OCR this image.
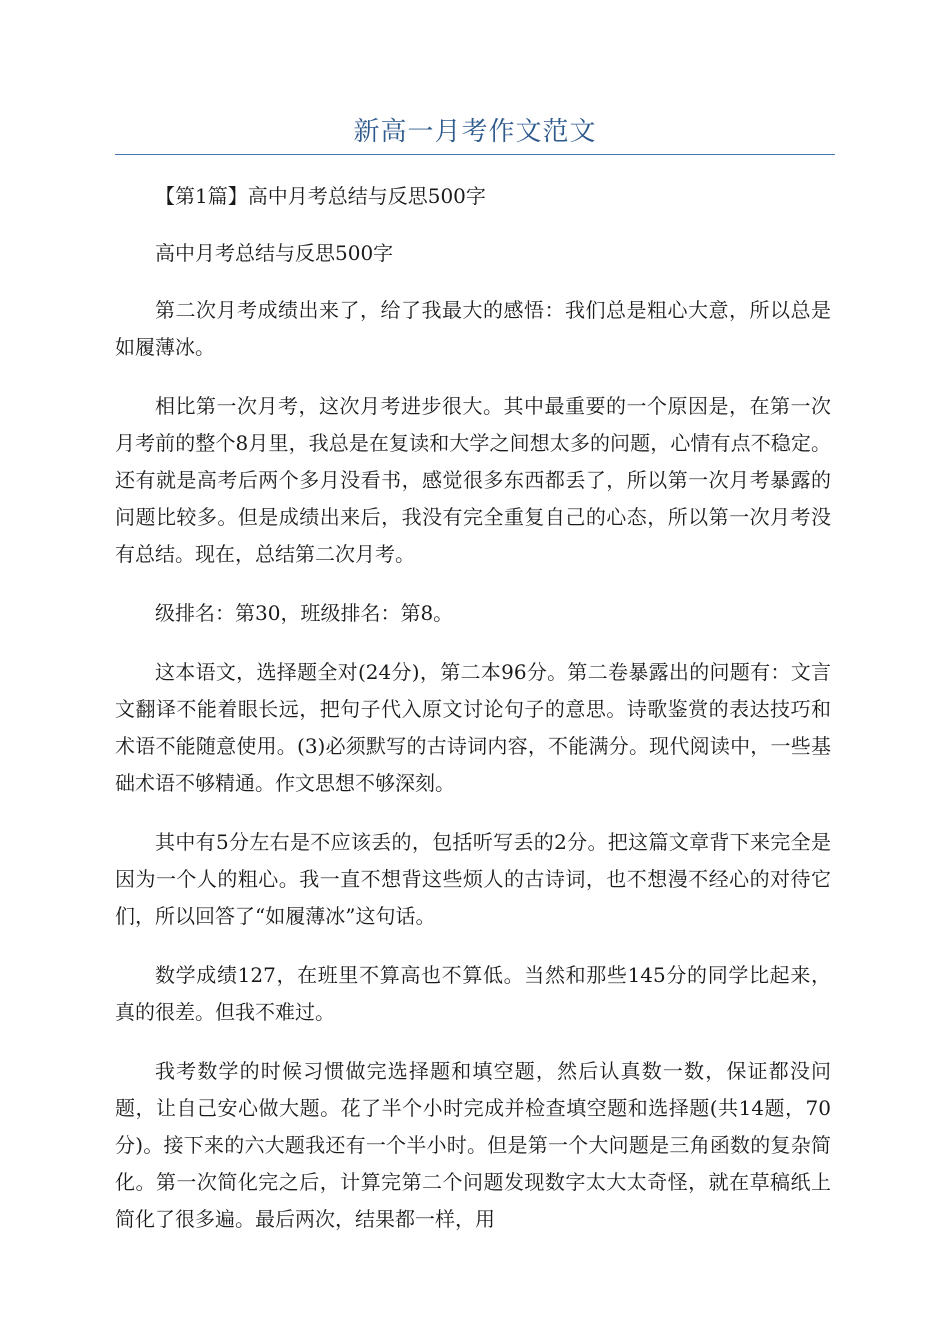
新高一月考作文范文

【第1篇】高中月考总结与反思500字

高中月考总结与反思500字

第二次月考成绩出来了，给了我最大的感悟：我们总是粗心大意，所以总是如履薄冰。

相比第一次月考，这次月考进步很大。其中最重要的一个原因是，在第一次月考前的整个8月里，我总是在复读和大学之间想太多的问题，心情有点不稳定。还有就是高考后两个多月没看书，感觉很多东西都丢了，所以第一次月考暴露的问题比较多。但是成绩出来后，我没有完全重复自己的心态，所以第一次月考没有总结。现在，总结第二次月考。

级排名：第30，班级排名：第8。

这本语文，选择题全对(24分)，第二本96分。第二卷暴露出的问题有：文言文翻译不能着眼长远，把句子代入原文讨论句子的意思。诗歌鉴赏的表达技巧和术语不能随意使用。(3)必须默写的古诗词内容，不能满分。现代阅读中，一些基础术语不够精通。作文思想不够深刻。

其中有5分左右是不应该丢的，包括听写丢的2分。把这篇文章背下来完全是因为一个人的粗心。我一直不想背这些烦人的古诗词，也不想漫不经心的对待它们，所以回答了“如履薄冰”这句话。

数学成绩127，在班里不算高也不算低。当然和那些145分的同学比起来，真的很差。但我不难过。

我考数学的时候习惯做完选择题和填空题，然后认真数一数，保证都没问题，让自己安心做大题。花了半个小时完成并检查填空题和选择题(共14题，70分)。接下来的六大题我还有一个半小时。但是第一个大问题是三角函数的复杂简化。第一次简化完之后，计算完第二个问题发现数字太大太奇怪，就在草稿纸上简化了很多遍。最后两次，结果都一样，用
